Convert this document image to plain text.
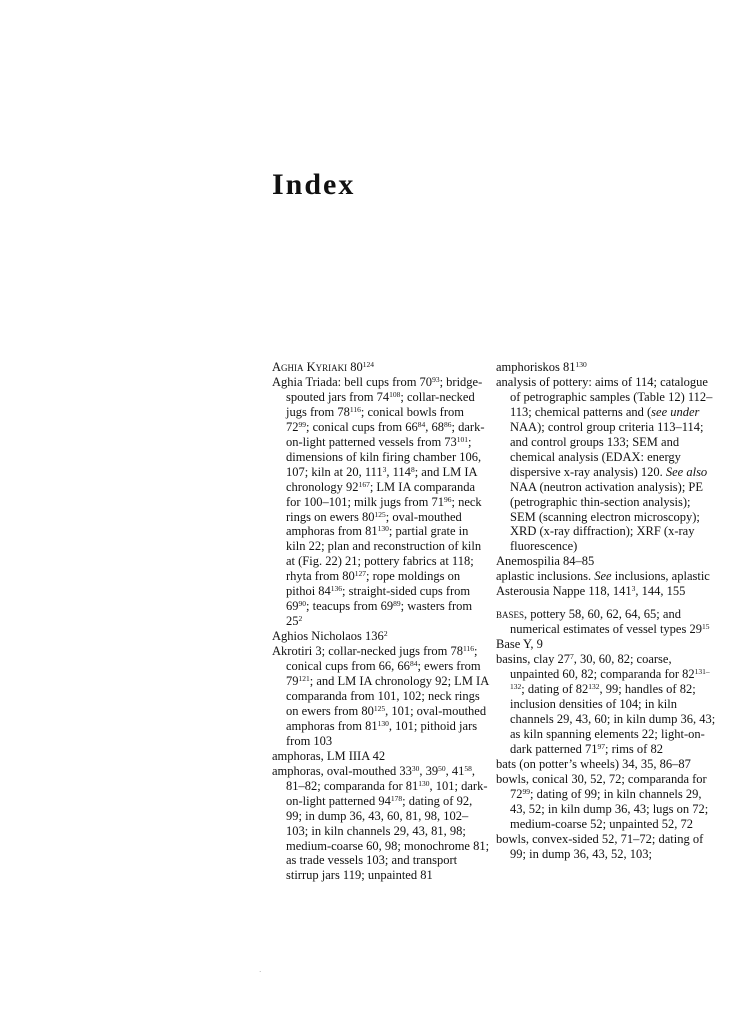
Index

Aghia Kyriaki $80^{124}$

Aghia Triada: bell cups from $70^{93}$; bridge-spouted jars from $74^{108}$; collar-necked jugs from $78^{116}$; conical bowls from $72^{99}$; conical cups from $66^{84}$, $68^{86}$; dark-on-light patterned vessels from $73^{101}$; dimensions of kiln firing chamber 106, 107; kiln at 20, $111^3$, $114^8$; and LM IA chronology $92^{167}$; LM IA comparanda for 100–101; milk jugs from $71^{96}$; neck rings on ewers $80^{125}$; oval-mouthed amphoras from $81^{130}$; partial grate in kiln 22; plan and reconstruction of kiln at (Fig. 22) 21; pottery fabrics at 118; rhyta from $80^{127}$; rope moldings on pithoi $84^{136}$; straight-sided cups from $69^{90}$; teacups from $69^{89}$; wasters from $25^2$

Aghios Nicholaos $136^2$

Akrotiri 3; collar-necked jugs from $78^{116}$; conical cups from 66, $66^{84}$; ewers from $79^{121}$; and LM IA chronology 92; LM IA comparanda from 101, 102; neck rings on ewers from $80^{125}$, 101; oval-mouthed amphoras from $81^{130}$, 101; pithoid jars from 103

amphoras, LM IIIA 42

amphoras, oval-mouthed $33^{30}$, $39^{50}$, $41^{58}$, 81–82; comparanda for $81^{130}$, 101; dark-on-light patterned $94^{178}$; dating of 92, 99; in dump 36, 43, 60, 81, 98, 102–103; in kiln channels 29, 43, 81, 98; medium-coarse 60, 98; monochrome 81; as trade vessels 103; and transport stirrup jars 119; unpainted 81

amphoriskos $81^{130}$

analysis of pottery: aims of 114; catalogue of petrographic samples (Table 12) 112–113; chemical patterns and (see under NAA); control group criteria 113–114; and control groups 133; SEM and chemical analysis (EDAX: energy dispersive x-ray analysis) 120. See also NAA (neutron activation analysis); PE (petrographic thin-section analysis); SEM (scanning electron microscopy); XRD (x-ray diffraction); XRF (x-ray fluorescence)

Anemospilia 84–85

aplastic inclusions. See inclusions, aplastic

Asterousia Nappe 118, $141^3$, 144, 155

bases, pottery 58, 60, 62, 64, 65; and numerical estimates of vessel types $29^{15}$

Base Y, 9

basins, clay $27^7$, 30, 60, 82; coarse, unpainted 60, 82; comparanda for 82$^{131-132}$; dating of $82^{132}$, 99; handles of 82; inclusion densities of 104; in kiln channels 29, 43, 60; in kiln dump 36, 43; as kiln spanning elements 22; light-on-dark patterned $71^{97}$; rims of 82

bats (on potter’s wheels) 34, 35, 86–87

bowls, conical 30, 52, 72; comparanda for $72^{99}$; dating of 99; in kiln channels 29, 43, 52; in kiln dump 36, 43; lugs on 72; medium-coarse 52; unpainted 52, 72

bowls, convex-sided 52, 71–72; dating of 99; in dump 36, 43, 52, 103;

·
